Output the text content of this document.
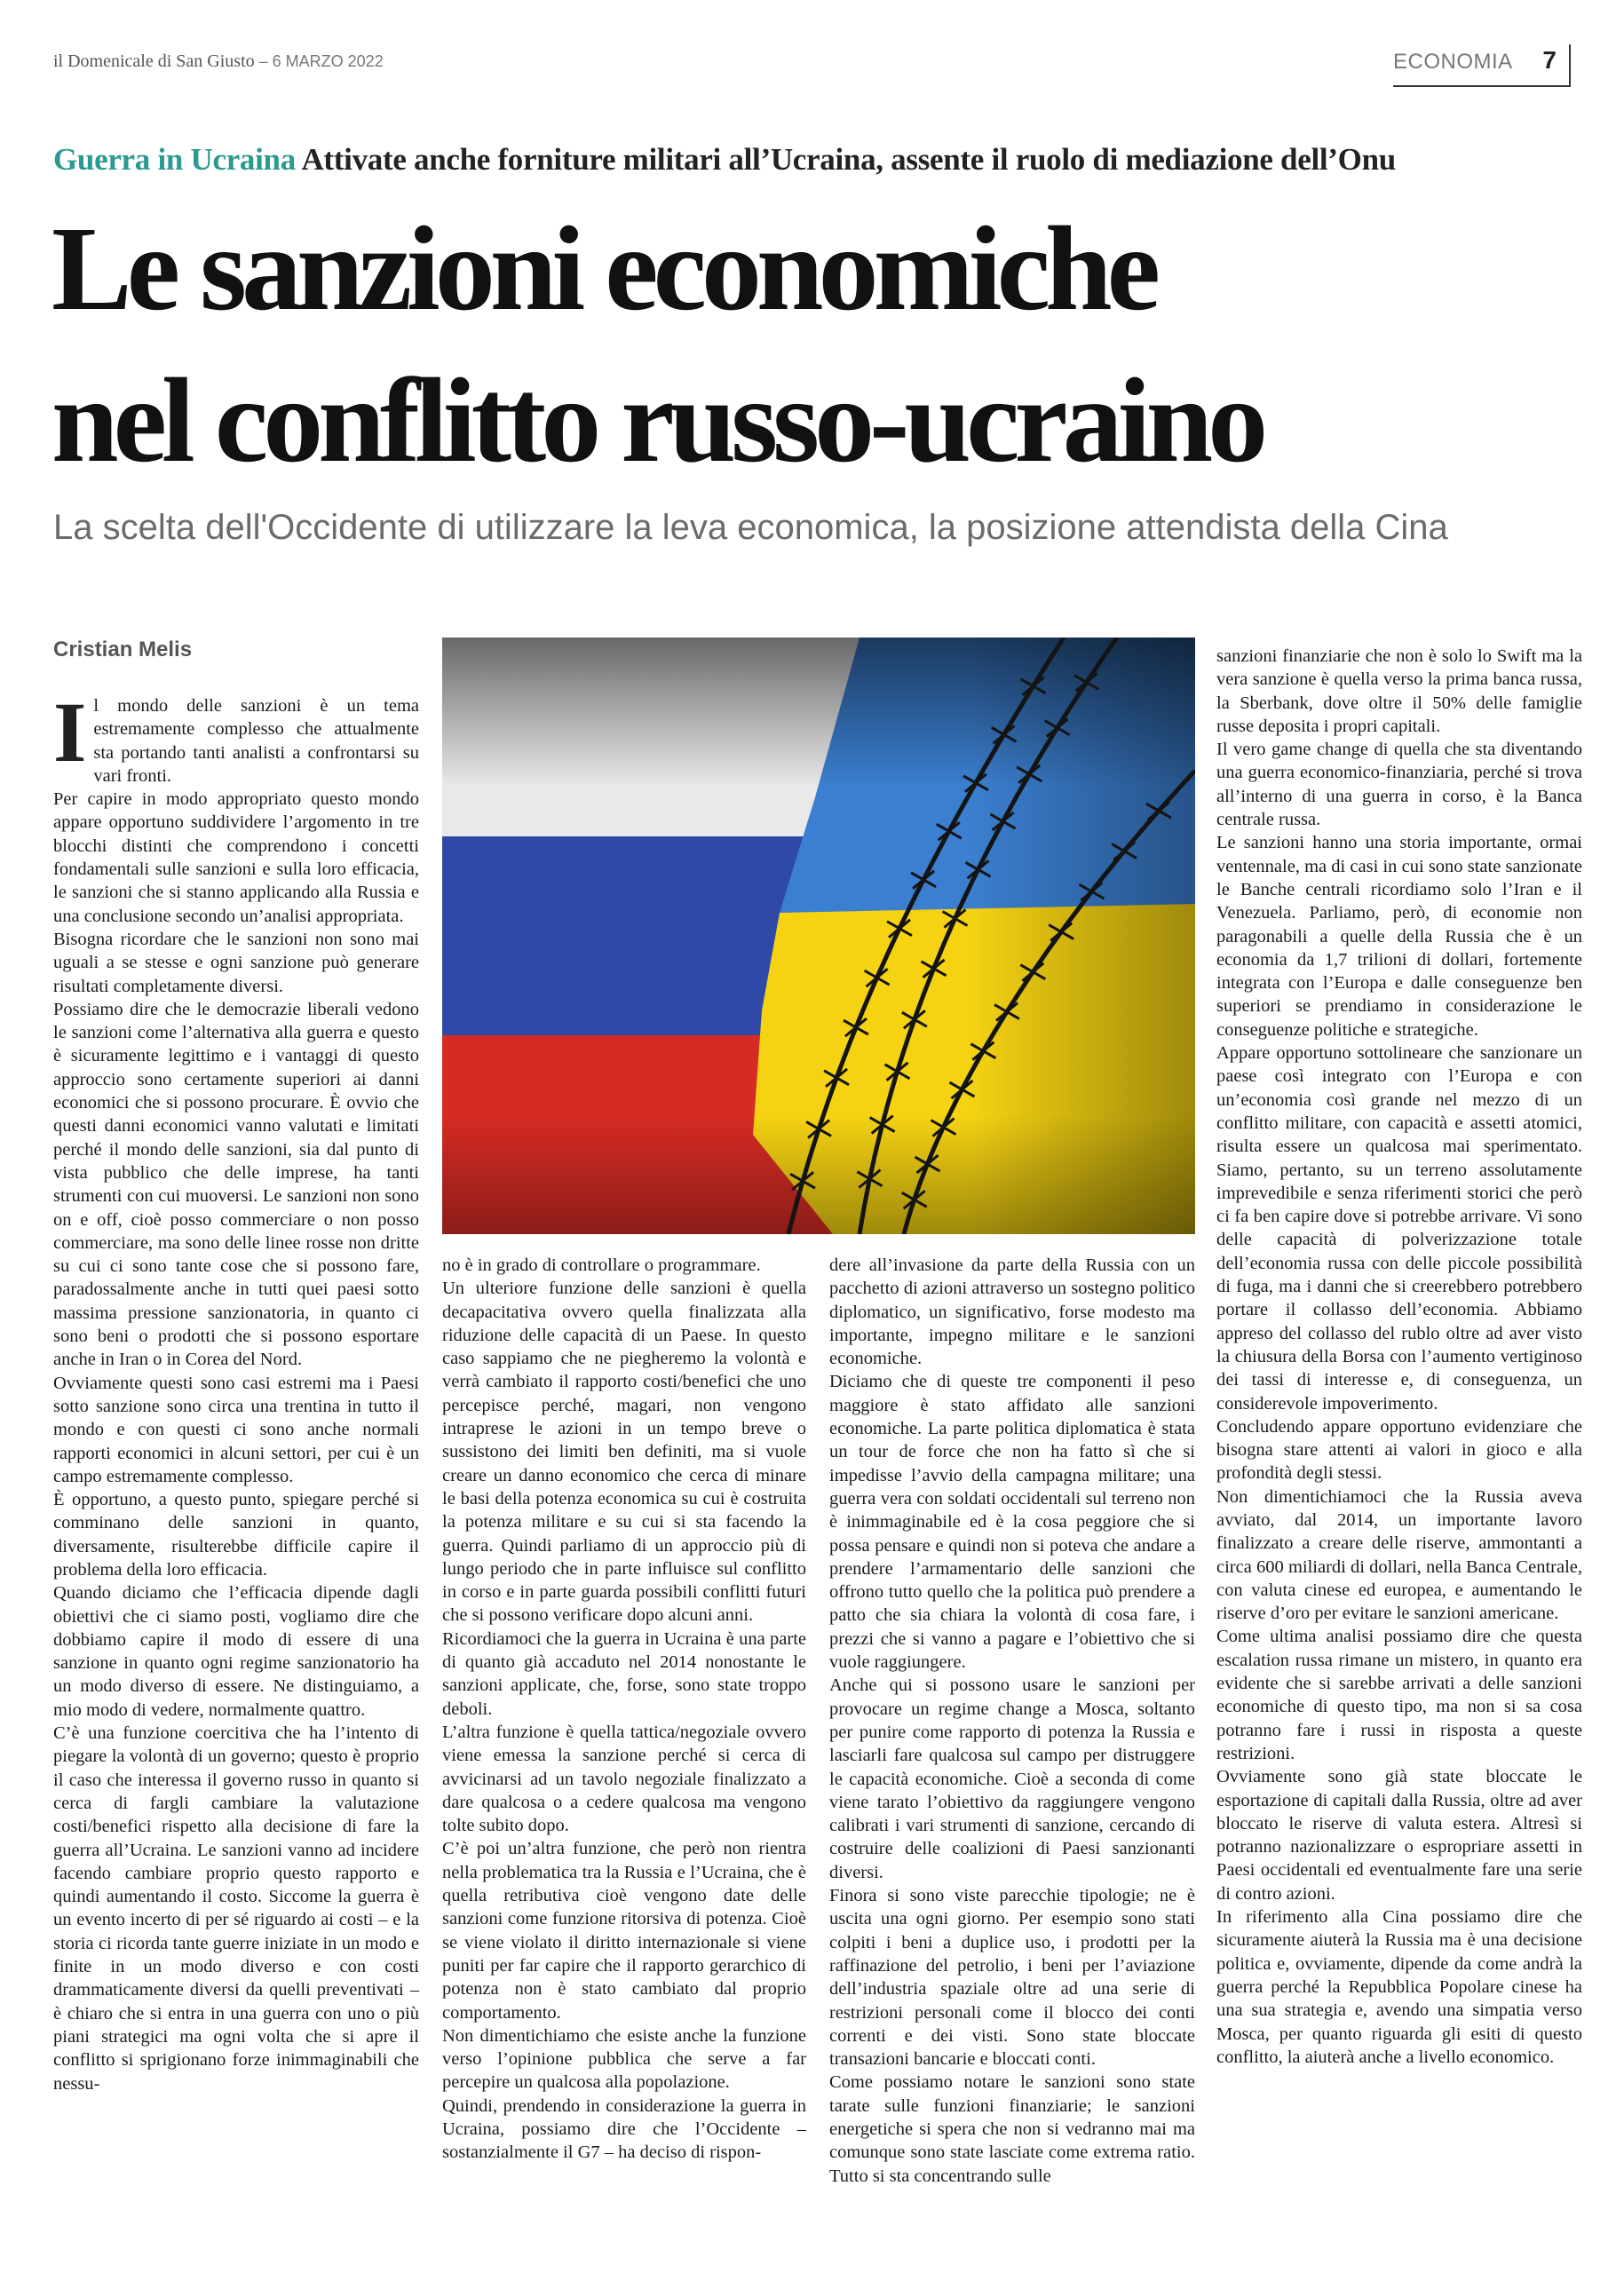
il Domenicale di San Giusto – 6 MARZO 2022	ECONOMIA 7
Guerra in Ucraina Attivate anche forniture militari all’Ucraina, assente il ruolo di mediazione dell’Onu
Le sanzioni economiche
nel conflitto russo-ucraino
La scelta dell'Occidente di utilizzare la leva economica, la posizione attendista della Cina
Cristian Melis
I l mondo delle sanzioni è un tema estremamente complesso che attualmente sta portando tanti analisti a confrontarsi su vari fronti.

Per capire in modo appropriato questo mondo appare opportuno suddividere l’argomento in tre blocchi distinti che comprendono i concetti fondamentali sulle sanzioni e sulla loro efficacia, le sanzioni che si stanno applicando alla Russia e una conclusione secondo un’analisi appropriata.

Bisogna ricordare che le sanzioni non sono mai uguali a se stesse e ogni sanzione può generare risultati completamente diversi.

Possiamo dire che le democrazie liberali vedono le sanzioni come l’alternativa alla guerra e questo è sicuramente legittimo e i vantaggi di questo approccio sono certamente superiori ai danni economici che si possono procurare. È ovvio che questi danni economici vanno valutati e limitati perché il mondo delle sanzioni, sia dal punto di vista pubblico che delle imprese, ha tanti strumenti con cui muoversi. Le sanzioni non sono on e off, cioè posso commerciare o non posso commerciare, ma sono delle linee rosse non dritte su cui ci sono tante cose che si possono fare, paradossalmente anche in tutti quei paesi sotto massima pressione sanzionatoria, in quanto ci sono beni o prodotti che si possono esportare anche in Iran o in Corea del Nord.

Ovviamente questi sono casi estremi ma i Paesi sotto sanzione sono circa una trentina in tutto il mondo e con questi ci sono anche normali rapporti economici in alcuni settori, per cui è un campo estremamente complesso.

È opportuno, a questo punto, spiegare perché si comminano delle sanzioni in quanto, diversamente, risulterebbe difficile capire il problema della loro efficacia.

Quando diciamo che l’efficacia dipende dagli obiettivi che ci siamo posti, vogliamo dire che dobbiamo capire il modo di essere di una sanzione in quanto ogni regime sanzionatorio ha un modo diverso di essere. Ne distinguiamo, a mio modo di vedere, normalmente quattro.

C’è una funzione coercitiva che ha l’intento di piegare la volontà di un governo; questo è proprio il caso che interessa il governo russo in quanto si cerca di fargli cambiare la valutazione costi/benefici rispetto alla decisione di fare la guerra all’Ucraina. Le sanzioni vanno ad incidere facendo cambiare proprio questo rapporto e quindi aumentando il costo. Siccome la guerra è un evento incerto di per sé riguardo ai costi – e la storia ci ricorda tante guerre iniziate in un modo e finite in un modo diverso e con costi drammaticamente diversi da quelli preventivati – è chiaro che si entra in una guerra con uno o più piani strategici ma ogni volta che si apre il conflitto si sprigionano forze inimmaginabili che nessu-

no è in grado di controllare o programmare.

Un ulteriore funzione delle sanzioni è quella decapacitativa ovvero quella finalizzata alla riduzione delle capacità di un Paese. In questo caso sappiamo che ne piegheremo la volontà e verrà cambiato il rapporto costi/benefici che uno percepisce perché, magari, non vengono intraprese le azioni in un tempo breve o sussistono dei limiti ben definiti, ma si vuole creare un danno economico che cerca di minare le basi della potenza economica su cui è costruita la potenza militare e su cui si sta facendo la guerra. Quindi parliamo di un approccio più di lungo periodo che in parte influisce sul conflitto in corso e in parte guarda possibili conflitti futuri che si possono verificare dopo alcuni anni.

Ricordiamoci che la guerra in Ucraina è una parte di quanto già accaduto nel 2014 nonostante le sanzioni applicate, che, forse, sono state troppo deboli.

L’altra funzione è quella tattica/negoziale ovvero viene emessa la sanzione perché si cerca di avvicinarsi ad un tavolo negoziale finalizzato a dare qualcosa o a cedere qualcosa ma vengono tolte subito dopo.

C’è poi un’altra funzione, che però non rientra nella problematica tra la Russia e l’Ucraina, che è quella retributiva cioè vengono date delle sanzioni come funzione ritorsiva di potenza. Cioè se viene violato il diritto internazionale si viene puniti per far capire che il rapporto gerarchico di potenza non è stato cambiato dal proprio comportamento.

Non dimentichiamo che esiste anche la funzione verso l’opinione pubblica che serve a far percepire un qualcosa alla popolazione.

Quindi, prendendo in considerazione la guerra in Ucraina, possiamo dire che l’Occidente – sostanzialmente il G7 – ha deciso di rispon-

dere all’invasione da parte della Russia con un pacchetto di azioni attraverso un sostegno politico diplomatico, un significativo, forse modesto ma importante, impegno militare e le sanzioni economiche.

Diciamo che di queste tre componenti il peso maggiore è stato affidato alle sanzioni economiche. La parte politica diplomatica è stata un tour de force che non ha fatto sì che si impedisse l’avvio della campagna militare; una guerra vera con soldati occidentali sul terreno non è inimmaginabile ed è la cosa peggiore che si possa pensare e quindi non si poteva che andare a prendere l’armamentario delle sanzioni che offrono tutto quello che la politica può prendere a patto che sia chiara la volontà di cosa fare, i prezzi che si vanno a pagare e l’obiettivo che si vuole raggiungere.

Anche qui si possono usare le sanzioni per provocare un regime change a Mosca, soltanto per punire come rapporto di potenza la Russia e lasciarli fare qualcosa sul campo per distruggere le capacità economiche. Cioè a seconda di come viene tarato l’obiettivo da raggiungere vengono calibrati i vari strumenti di sanzione, cercando di costruire delle coalizioni di Paesi sanzionanti diversi.

Finora si sono viste parecchie tipologie; ne è uscita una ogni giorno. Per esempio sono stati colpiti i beni a duplice uso, i prodotti per la raffinazione del petrolio, i beni per l’aviazione dell’industria spaziale oltre ad una serie di restrizioni personali come il blocco dei conti correnti e dei visti. Sono state bloccate transazioni bancarie e bloccati conti.

Come possiamo notare le sanzioni sono state tarate sulle funzioni finanziarie; le sanzioni energetiche si spera che non si vedranno mai ma comunque sono state lasciate come extrema ratio. Tutto si sta concentrando sulle

sanzioni finanziarie che non è solo lo Swift ma la vera sanzione è quella verso la prima banca russa, la Sberbank, dove oltre il 50% delle famiglie russe deposita i propri capitali.

Il vero game change di quella che sta diventando una guerra economico-finanziaria, perché si trova all’interno di una guerra in corso, è la Banca centrale russa.

Le sanzioni hanno una storia importante, ormai ventennale, ma di casi in cui sono state sanzionate le Banche centrali ricordiamo solo l’Iran e il Venezuela. Parliamo, però, di economie non paragonabili a quelle della Russia che è un economia da 1,7 trilioni di dollari, fortemente integrata con l’Europa e dalle conseguenze ben superiori se prendiamo in considerazione le conseguenze politiche e strategiche.

Appare opportuno sottolineare che sanzionare un paese così integrato con l’Europa e con un’economia così grande nel mezzo di un conflitto militare, con capacità e assetti atomici, risulta essere un qualcosa mai sperimentato. Siamo, pertanto, su un terreno assolutamente imprevedibile e senza riferimenti storici che però ci fa ben capire dove si potrebbe arrivare. Vi sono delle capacità di polverizzazione totale dell’economia russa con delle piccole possibilità di fuga, ma i danni che si creerebbero potrebbero portare il collasso dell’economia. Abbiamo appreso del collasso del rublo oltre ad aver visto la chiusura della Borsa con l’aumento vertiginoso dei tassi di interesse e, di conseguenza, un considerevole impoverimento.

Concludendo appare opportuno evidenziare che bisogna stare attenti ai valori in gioco e alla profondità degli stessi.

Non dimentichiamoci che la Russia aveva avviato, dal 2014, un importante lavoro finalizzato a creare delle riserve, ammontanti a circa 600 miliardi di dollari, nella Banca Centrale, con valuta cinese ed europea, e aumentando le riserve d’oro per evitare le sanzioni americane.

Come ultima analisi possiamo dire che questa escalation russa rimane un mistero, in quanto era evidente che si sarebbe arrivati a delle sanzioni economiche di questo tipo, ma non si sa cosa potranno fare i russi in risposta a queste restrizioni.

Ovviamente sono già state bloccate le esportazione di capitali dalla Russia, oltre ad aver bloccato le riserve di valuta estera. Altresì si potranno nazionalizzare o espropriare assetti in Paesi occidentali ed eventualmente fare una serie di contro azioni.

In riferimento alla Cina possiamo dire che sicuramente aiuterà la Russia ma è una decisione politica e, ovviamente, dipende da come andrà la guerra perché la Repubblica Popolare cinese ha una sua strategia e, avendo una simpatia verso Mosca, per quanto riguarda gli esiti di questo conflitto, la aiuterà anche a livello economico.
